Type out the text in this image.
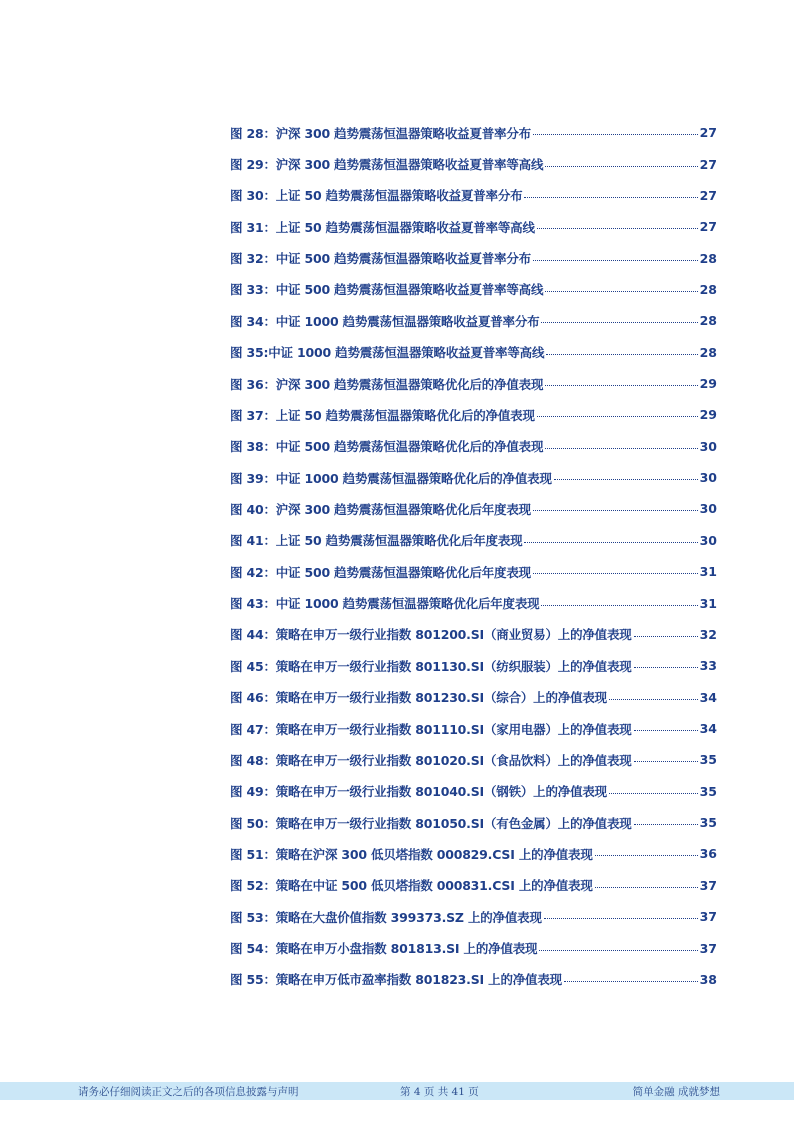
图 28：沪深 300 趋势震荡恒温器策略收益夏普率分布	27
图 29：沪深 300 趋势震荡恒温器策略收益夏普率等高线	27
图 30：上证 50 趋势震荡恒温器策略收益夏普率分布	27
图 31：上证 50 趋势震荡恒温器策略收益夏普率等高线	27
图 32：中证 500 趋势震荡恒温器策略收益夏普率分布	28
图 33：中证 500 趋势震荡恒温器策略收益夏普率等高线	28
图 34：中证 1000 趋势震荡恒温器策略收益夏普率分布	28
图 35:中证 1000 趋势震荡恒温器策略收益夏普率等高线	28
图 36：沪深 300 趋势震荡恒温器策略优化后的净值表现	29
图 37：上证 50 趋势震荡恒温器策略优化后的净值表现	29
图 38：中证 500 趋势震荡恒温器策略优化后的净值表现	30
图 39：中证 1000 趋势震荡恒温器策略优化后的净值表现	30
图 40：沪深 300 趋势震荡恒温器策略优化后年度表现	30
图 41：上证 50 趋势震荡恒温器策略优化后年度表现	30
图 42：中证 500 趋势震荡恒温器策略优化后年度表现	31
图 43：中证 1000 趋势震荡恒温器策略优化后年度表现	31
图 44：策略在申万一级行业指数 801200.SI（商业贸易）上的净值表现	32
图 45：策略在申万一级行业指数 801130.SI（纺织服装）上的净值表现	33
图 46：策略在申万一级行业指数 801230.SI（综合）上的净值表现	34
图 47：策略在申万一级行业指数 801110.SI（家用电器）上的净值表现	34
图 48：策略在申万一级行业指数 801020.SI（食品饮料）上的净值表现	35
图 49：策略在申万一级行业指数 801040.SI（钢铁）上的净值表现	35
图 50：策略在申万一级行业指数 801050.SI（有色金属）上的净值表现	35
图 51：策略在沪深 300 低贝塔指数 000829.CSI 上的净值表现	36
图 52：策略在中证 500 低贝塔指数 000831.CSI 上的净值表现	37
图 53：策略在大盘价值指数 399373.SZ 上的净值表现	37
图 54：策略在申万小盘指数 801813.SI 上的净值表现	37
图 55：策略在申万低市盈率指数 801823.SI 上的净值表现	38
请务必仔细阅读正文之后的各项信息披露与声明	第 4 页 共 41 页	简单金融 成就梦想
